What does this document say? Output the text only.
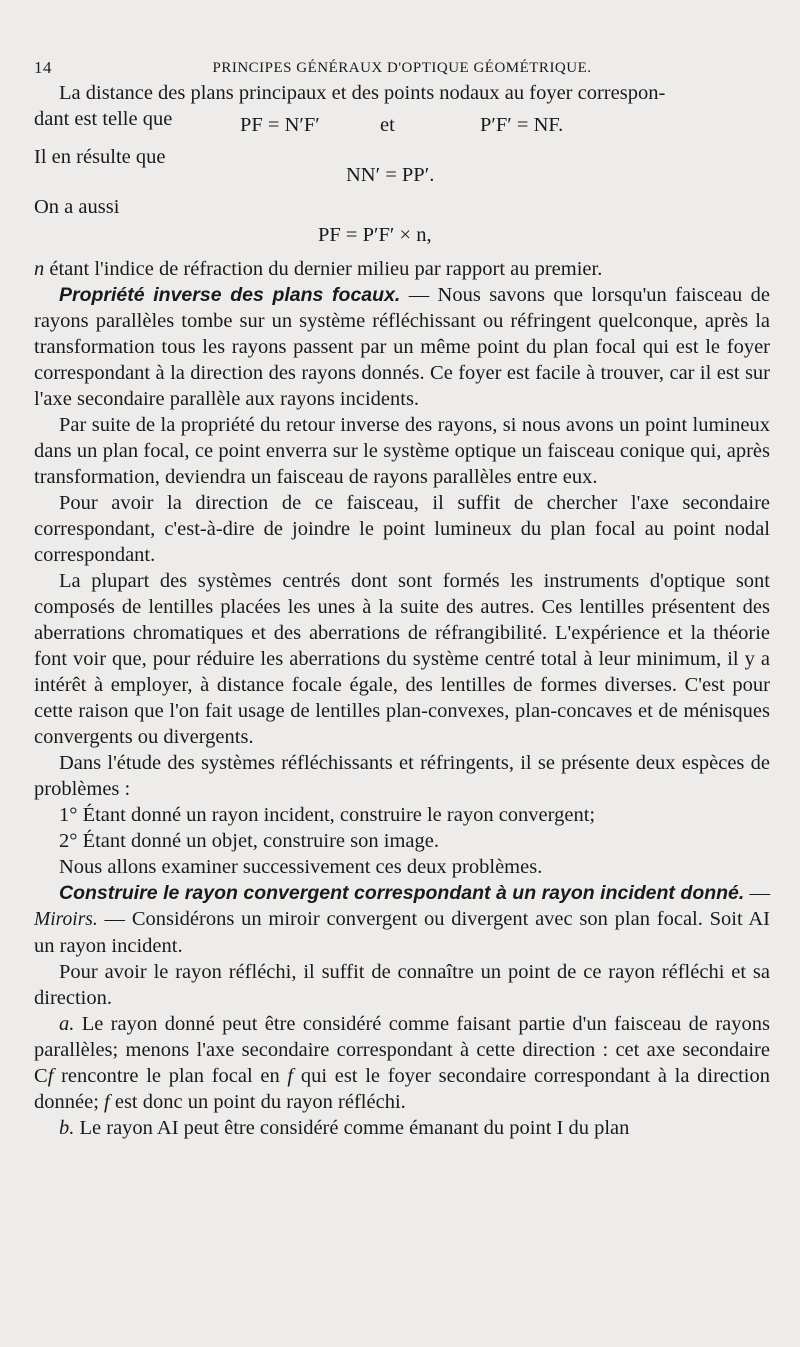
14	PRINCIPES GÉNÉRAUX D'OPTIQUE GÉOMÉTRIQUE.

La distance des plans principaux et des points nodaux au foyer correspon-

dant est telle que	PF = N′F′	et	P′F′ = NF.
Il en résulte que
NN′ = PP′.
On a aussi
PF = P′F′ × n,

n étant l'indice de réfraction du dernier milieu par rapport au premier.

Propriété inverse des plans focaux. — Nous savons que lorsqu'un faisceau de rayons parallèles tombe sur un système réfléchissant ou réfringent quelconque, après la transformation tous les rayons passent par un même point du plan focal qui est le foyer correspondant à la direction des rayons donnés. Ce foyer est facile à trouver, car il est sur l'axe secondaire parallèle aux rayons incidents.

Par suite de la propriété du retour inverse des rayons, si nous avons un point lumineux dans un plan focal, ce point enverra sur le système optique un faisceau conique qui, après transformation, deviendra un faisceau de rayons parallèles entre eux.

Pour avoir la direction de ce faisceau, il suffit de chercher l'axe secondaire correspondant, c'est-à-dire de joindre le point lumineux du plan focal au point nodal correspondant.

La plupart des systèmes centrés dont sont formés les instruments d'optique sont composés de lentilles placées les unes à la suite des autres. Ces lentilles présentent des aberrations chromatiques et des aberrations de réfrangibilité. L'expérience et la théorie font voir que, pour réduire les aberrations du système centré total à leur minimum, il y a intérêt à employer, à distance focale égale, des lentilles de formes diverses. C'est pour cette raison que l'on fait usage de lentilles plan-convexes, plan-concaves et de ménisques convergents ou divergents.

Dans l'étude des systèmes réfléchissants et réfringents, il se présente deux espèces de problèmes :

1° Étant donné un rayon incident, construire le rayon convergent;

2° Étant donné un objet, construire son image.

Nous allons examiner successivement ces deux problèmes.

Construire le rayon convergent correspondant à un rayon incident donné. — Miroirs. — Considérons un miroir convergent ou divergent avec son plan focal. Soit AI un rayon incident.

Pour avoir le rayon réfléchi, il suffit de connaître un point de ce rayon réfléchi et sa direction.

a. Le rayon donné peut être considéré comme faisant partie d'un faisceau de rayons parallèles; menons l'axe secondaire correspondant à cette direction : cet axe secondaire Cf rencontre le plan focal en f qui est le foyer secondaire correspondant à la direction donnée; f est donc un point du rayon réfléchi.

b. Le rayon AI peut être considéré comme émanant du point I du plan
